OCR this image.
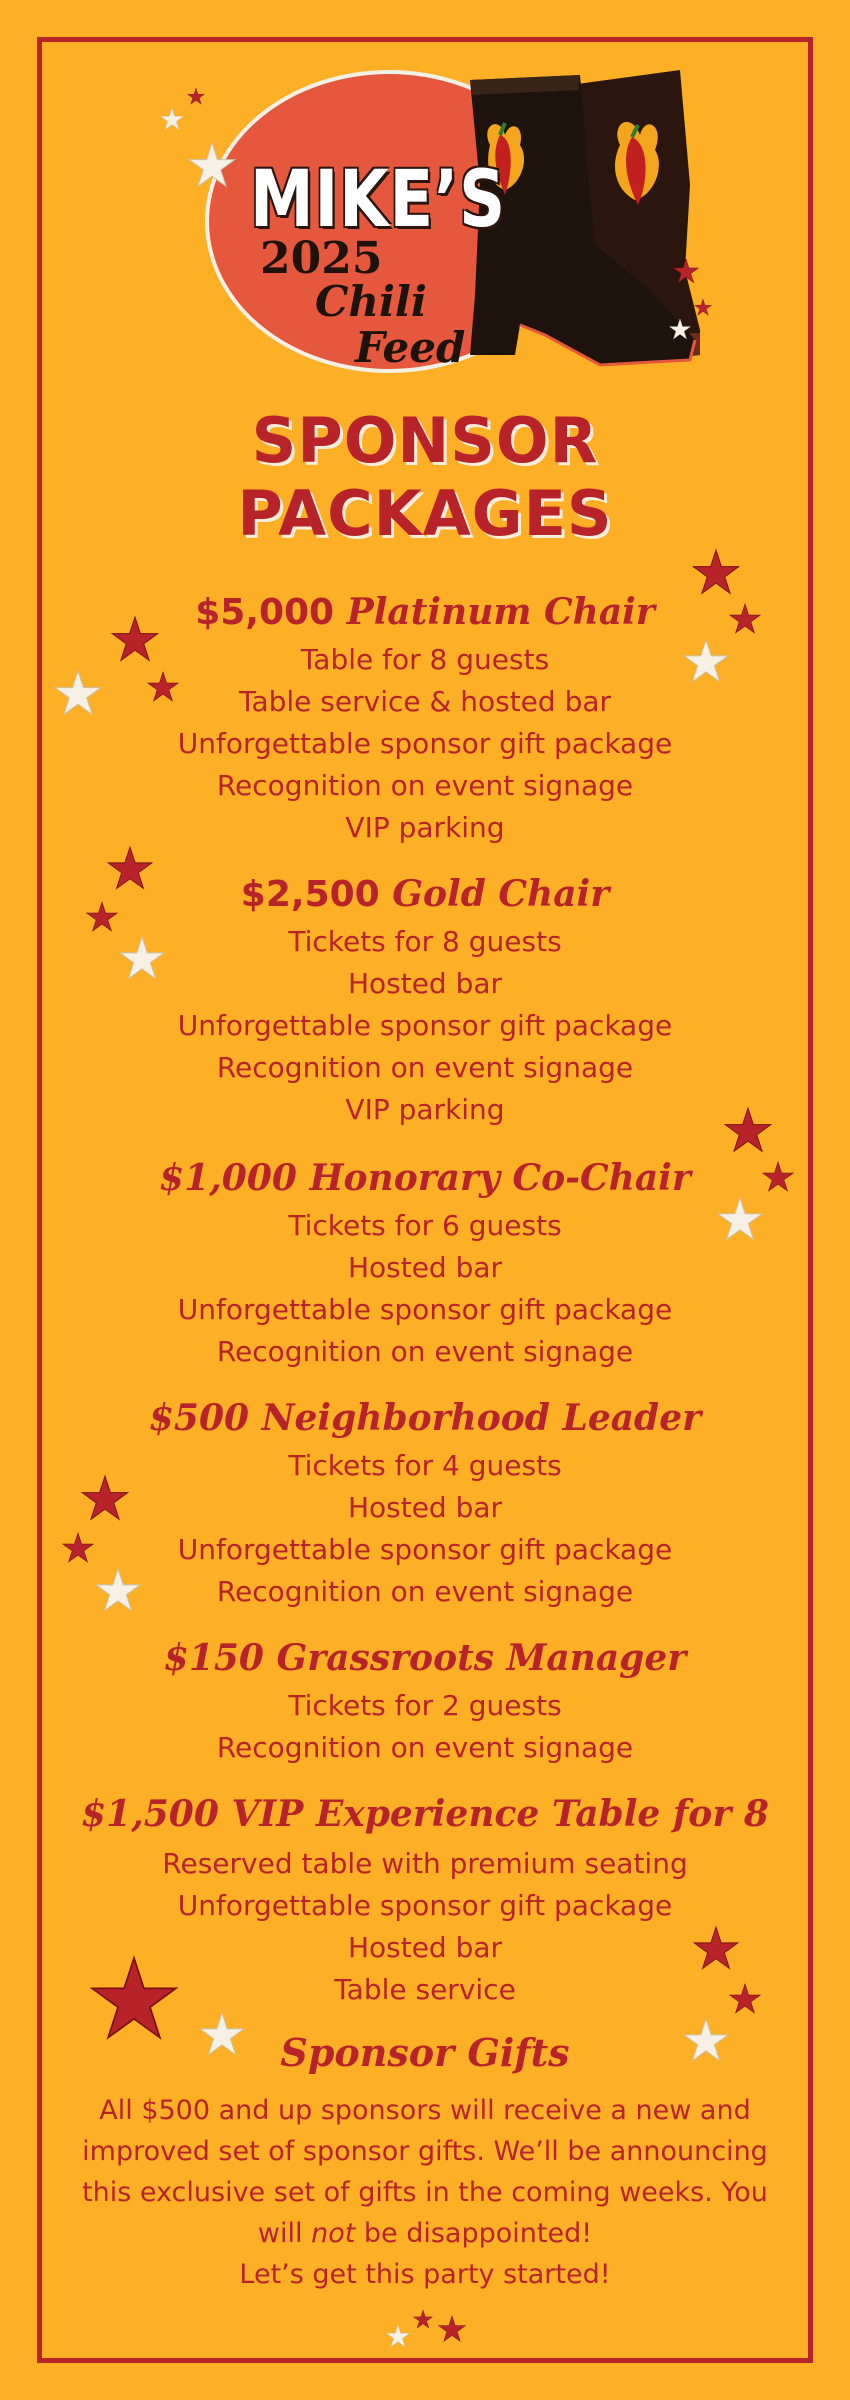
MIKE’S
2025
Chili
Feed
SPONSOR
PACKAGES
$5,000 Platinum Chair
Table for 8 guests
Table service & hosted bar
Unforgettable sponsor gift package
Recognition on event signage
VIP parking
$2,500 Gold Chair
Tickets for 8 guests
Hosted bar
Unforgettable sponsor gift package
Recognition on event signage
VIP parking
$1,000 Honorary Co-Chair
Tickets for 6 guests
Hosted bar
Unforgettable sponsor gift package
Recognition on event signage
$500 Neighborhood Leader
Tickets for 4 guests
Hosted bar
Unforgettable sponsor gift package
Recognition on event signage
$150 Grassroots Manager
Tickets for 2 guests
Recognition on event signage
$1,500 VIP Experience Table for 8
Reserved table with premium seating
Unforgettable sponsor gift package
Hosted bar
Table service
Sponsor Gifts
All $500 and up sponsors will receive a new and improved set of sponsor gifts. We’ll be announcing this exclusive set of gifts in the coming weeks. You will not be disappointed!
Let’s get this party started!
